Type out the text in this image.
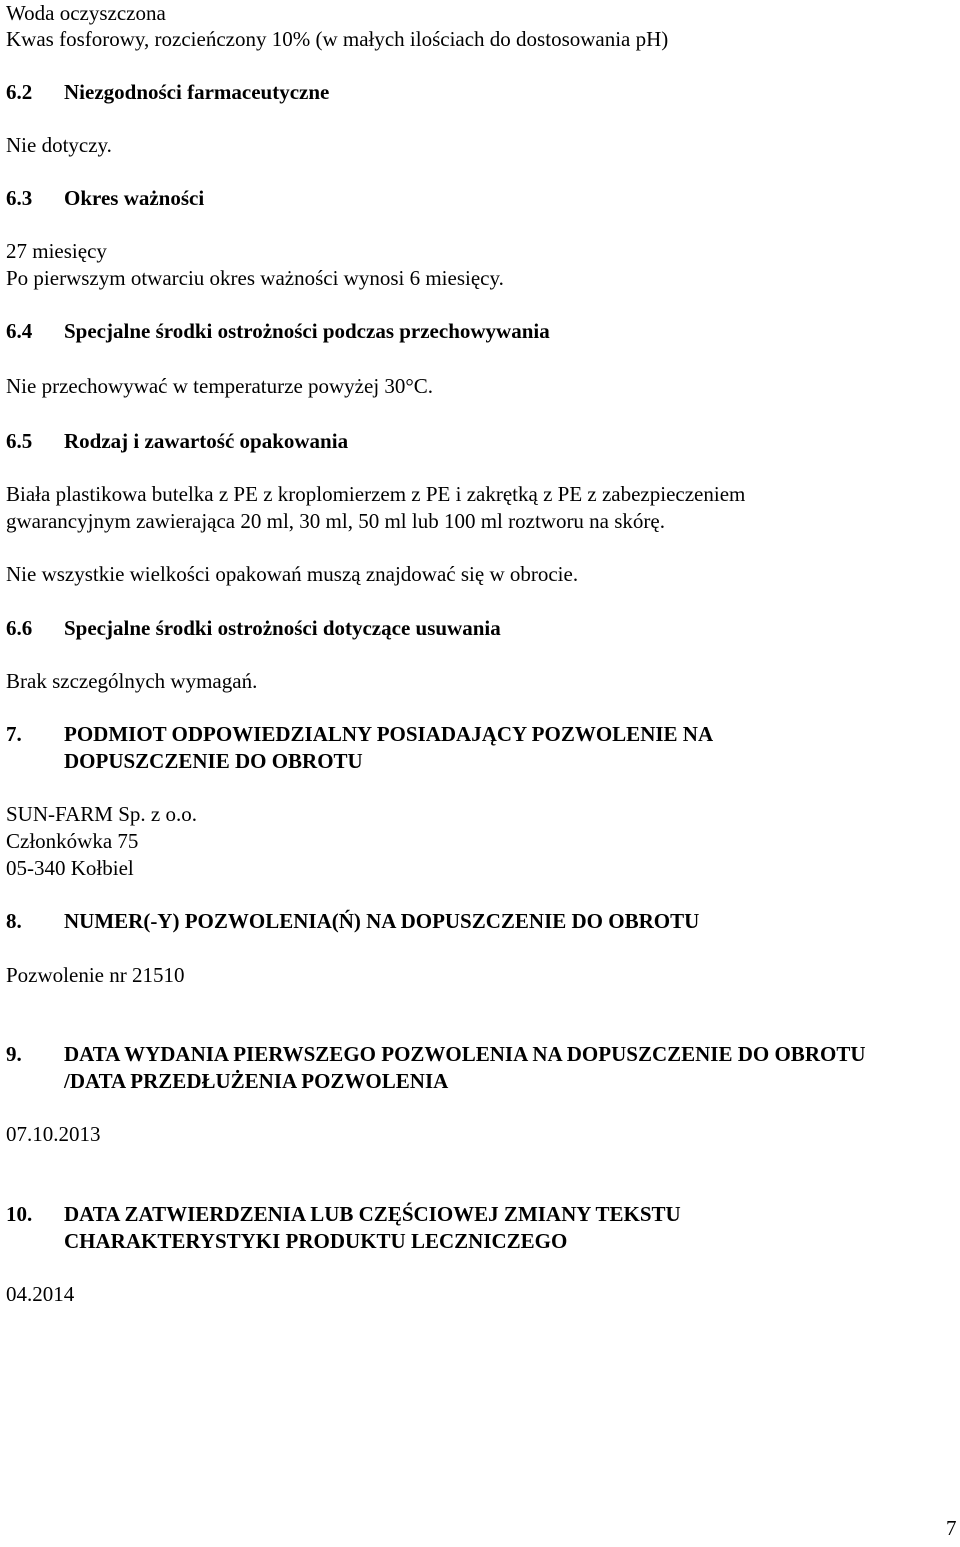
Woda oczyszczona
Kwas fosforowy, rozcieńczony 10% (w małych ilościach do dostosowania pH)
6.2 Niezgodności farmaceutyczne
Nie dotyczy.
6.3 Okres ważności
27 miesięcy
Po pierwszym otwarciu okres ważności wynosi 6 miesięcy.
6.4 Specjalne środki ostrożności podczas przechowywania
Nie przechowywać w temperaturze powyżej 30°C.
6.5 Rodzaj i zawartość opakowania
Biała plastikowa butelka z PE z kroplomierzem z PE i zakrętką z PE z zabezpieczeniem
gwarancyjnym zawierająca 20 ml, 30 ml, 50 ml lub 100 ml roztworu na skórę.
Nie wszystkie wielkości opakowań muszą znajdować się w obrocie.
6.6 Specjalne środki ostrożności dotyczące usuwania
Brak szczególnych wymagań.
7. PODMIOT ODPOWIEDZIALNY POSIADAJĄCY POZWOLENIE NA
DOPUSZCZENIE DO OBROTU
SUN-FARM Sp. z o.o.
Członkówka 75
05-340 Kołbiel
8. NUMER(-Y) POZWOLENIA(Ń) NA DOPUSZCZENIE DO OBROTU
Pozwolenie nr 21510
9. DATA WYDANIA PIERWSZEGO POZWOLENIA NA DOPUSZCZENIE DO OBROTU
/DATA PRZEDŁUŻENIA POZWOLENIA
07.10.2013
10. DATA ZATWIERDZENIA LUB CZĘŚCIOWEJ ZMIANY TEKSTU
CHARAKTERYSTYKI PRODUKTU LECZNICZEGO
04.2014
7
